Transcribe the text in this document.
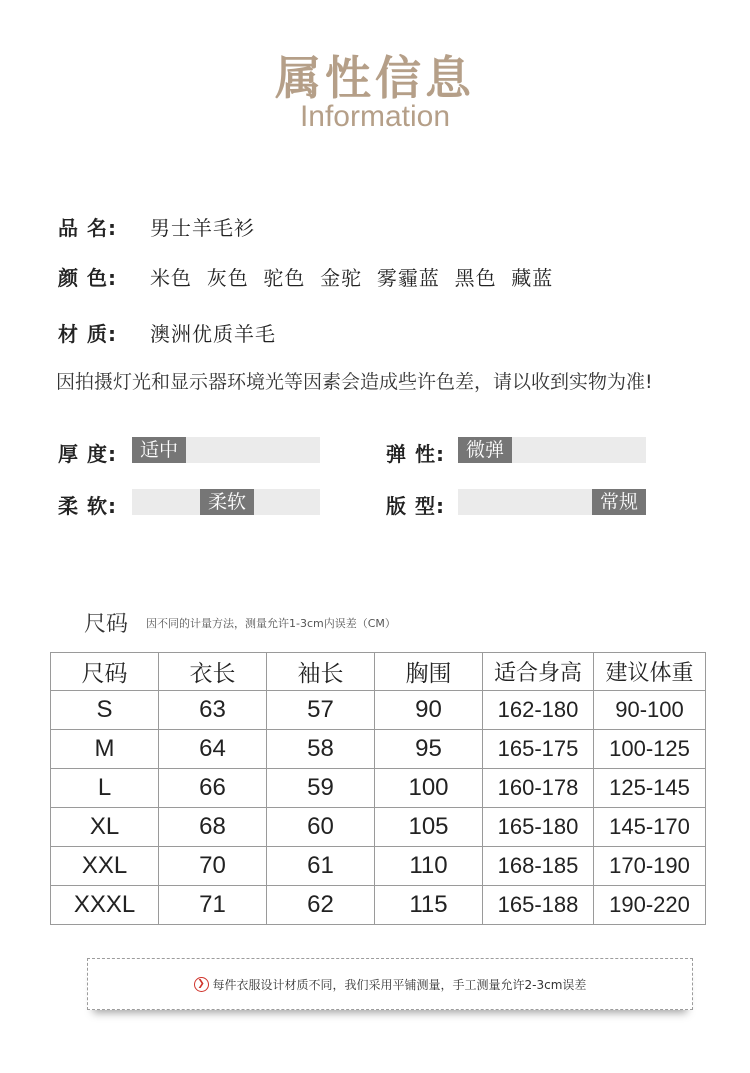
属性信息
Information
品 名:	男士羊毛衫
颜 色:	米色  灰色  驼色  金驼  雾霾蓝  黑色  藏蓝
材 质:	澳洲优质羊毛
因拍摄灯光和显示器环境光等因素会造成些许色差，请以收到实物为准!
厚 度:	适中	弹 性:	微弹
柔 软:	柔软	版 型:	常规
尺码 因不同的计量方法，测量允许1-3cm内误差（CM）
尺码	衣长	袖长	胸围	适合身高	建议体重
S	63	57	90	162-180	90-100
M	64	58	95	165-175	100-125
L	66	59	100	160-178	125-145
XL	68	60	105	165-180	145-170
XXL	70	61	110	168-185	170-190
XXXL	71	62	115	165-188	190-220
❯ 每件衣服设计材质不同，我们采用平铺测量，手工测量允许2-3cm误差
